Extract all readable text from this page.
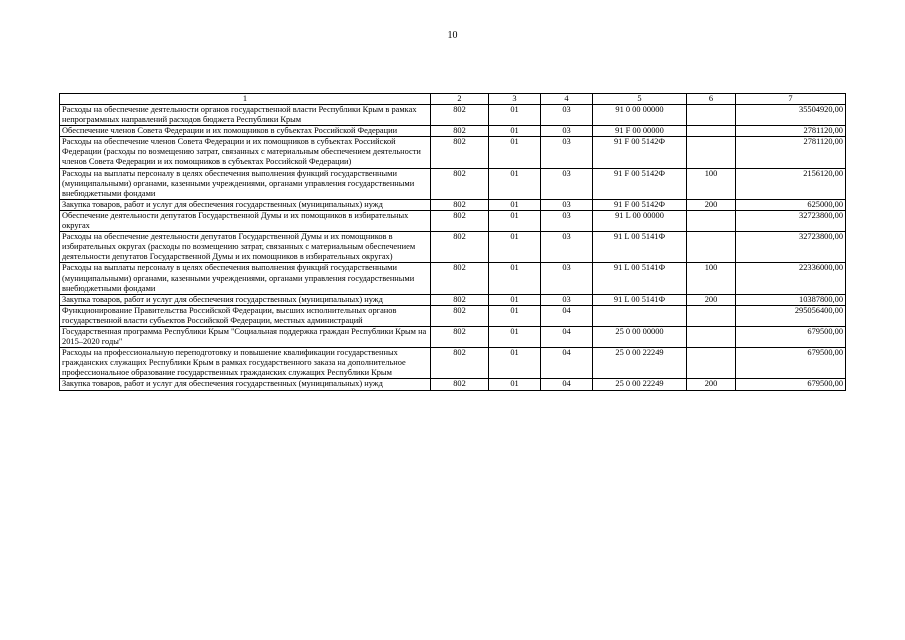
10
1	2	3	4	5	6	7
Расходы на обеспечение деятельности органов государственной власти Республики Крым в рамках непрограммных направлений расходов бюджета Республики Крым	802	01	03	91 0 00 00000		35504920,00
Обеспечение членов Совета Федерации и их помощников в субъектах Российской Федерации	802	01	03	91 F 00 00000		2781120,00
Расходы на обеспечение членов Совета Федерации и их помощников в субъектах Российской Федерации (расходы по возмещению затрат, связанных с материальным обеспечением деятельности членов Совета Федерации и их помощников в субъектах Российской Федерации)	802	01	03	91 F 00 5142Ф		2781120,00
Расходы на выплаты персоналу в целях обеспечения выполнения функций государственными (муниципальными) органами, казенными учреждениями, органами управления государственными внебюджетными фондами	802	01	03	91 F 00 5142Ф	100	2156120,00
Закупка товаров, работ и услуг для обеспечения государственных (муниципальных) нужд	802	01	03	91 F 00 5142Ф	200	625000,00
Обеспечение деятельности депутатов Государственной Думы и их помощников в избирательных округах	802	01	03	91 L 00 00000		32723800,00
Расходы на обеспечение деятельности депутатов Государственной Думы и их помощников в избирательных округах (расходы по возмещению затрат, связанных с материальным обеспечением деятельности депутатов Государственной Думы и их помощников в избирательных округах)	802	01	03	91 L 00 5141Ф		32723800,00
Расходы на выплаты персоналу в целях обеспечения выполнения функций государственными (муниципальными) органами, казенными учреждениями, органами управления государственными внебюджетными фондами	802	01	03	91 L 00 5141Ф	100	22336000,00
Закупка товаров, работ и услуг для обеспечения государственных (муниципальных) нужд	802	01	03	91 L 00 5141Ф	200	10387800,00
Функционирование Правительства Российской Федерации, высших исполнительных органов государственной власти субъектов Российской Федерации, местных администраций	802	01	04			295056400,00
Государственная программа Республики Крым "Социальная поддержка граждан Республики Крым на 2015–2020 годы"	802	01	04	25 0 00 00000		679500,00
Расходы на профессиональную переподготовку и повышение квалификации государственных гражданских служащих Республики Крым в рамках государственного заказа на дополнительное профессиональное образование государственных гражданских служащих Республики Крым	802	01	04	25 0 00 22249		679500,00
Закупка товаров, работ и услуг для обеспечения государственных (муниципальных) нужд	802	01	04	25 0 00 22249	200	679500,00
